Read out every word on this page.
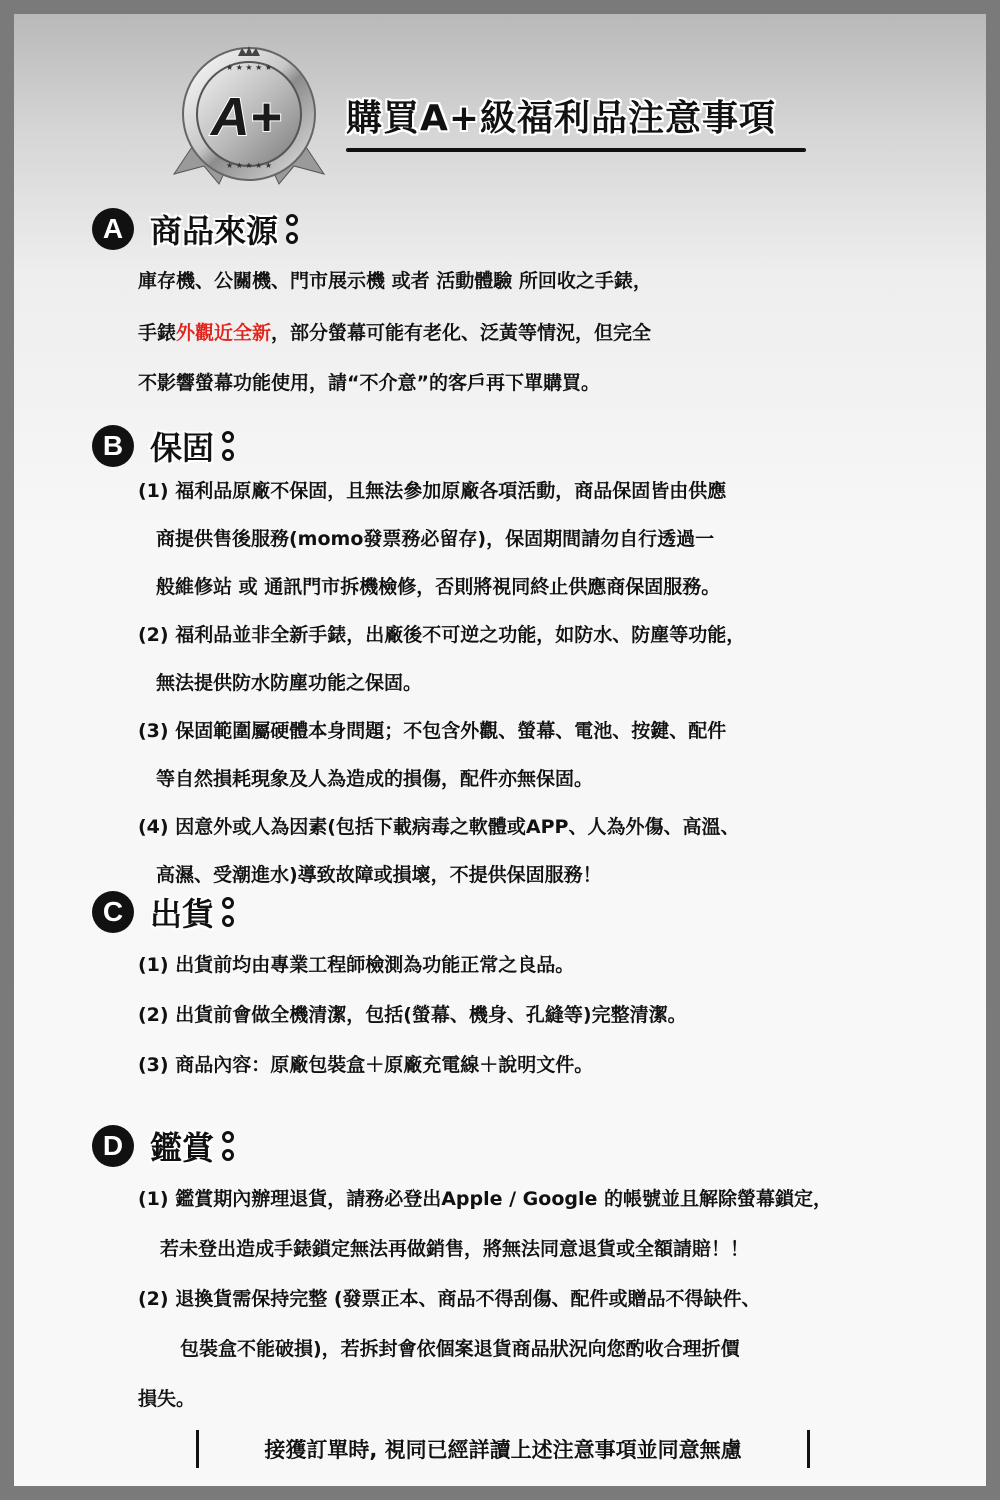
★ ★ ★ ★ ★
★ ★ ★ ★ ★
A+ 購買A+級福利品注意事項
A 商品來源
庫存機、公關機、門市展示機 或者 活動體驗 所回收之手錶，
手錶外觀近全新，部分螢幕可能有老化、泛黃等情況，但完全
不影響螢幕功能使用，請“不介意”的客戶再下單購買。
B 保固
(1) 福利品原廠不保固，且無法參加原廠各項活動，商品保固皆由供應
商提供售後服務(momo發票務必留存)，保固期間請勿自行透過一
般維修站 或 通訊門市拆機檢修，否則將視同終止供應商保固服務。
(2) 福利品並非全新手錶，出廠後不可逆之功能，如防水、防塵等功能，
無法提供防水防塵功能之保固。
(3) 保固範圍屬硬體本身問題；不包含外觀、螢幕、電池、按鍵、配件
等自然損耗現象及人為造成的損傷，配件亦無保固。
(4) 因意外或人為因素(包括下載病毒之軟體或APP、人為外傷、高溫、
高濕、受潮進水)導致故障或損壞，不提供保固服務！
C 出貨
(1) 出貨前均由專業工程師檢測為功能正常之良品。
(2) 出貨前會做全機清潔，包括(螢幕、機身、孔縫等)完整清潔。
(3) 商品內容：原廠包裝盒＋原廠充電線＋說明文件。
D 鑑賞
(1) 鑑賞期內辦理退貨，請務必登出Apple / Google 的帳號並且解除螢幕鎖定，
若未登出造成手錶鎖定無法再做銷售，將無法同意退貨或全額請賠！！
(2) 退換貨需保持完整 (發票正本、商品不得刮傷、配件或贈品不得缺件、
包裝盒不能破損)，若拆封會依個案退貨商品狀況向您酌收合理折價
損失。
接獲訂單時, 視同已經詳讀上述注意事項並同意無慮
